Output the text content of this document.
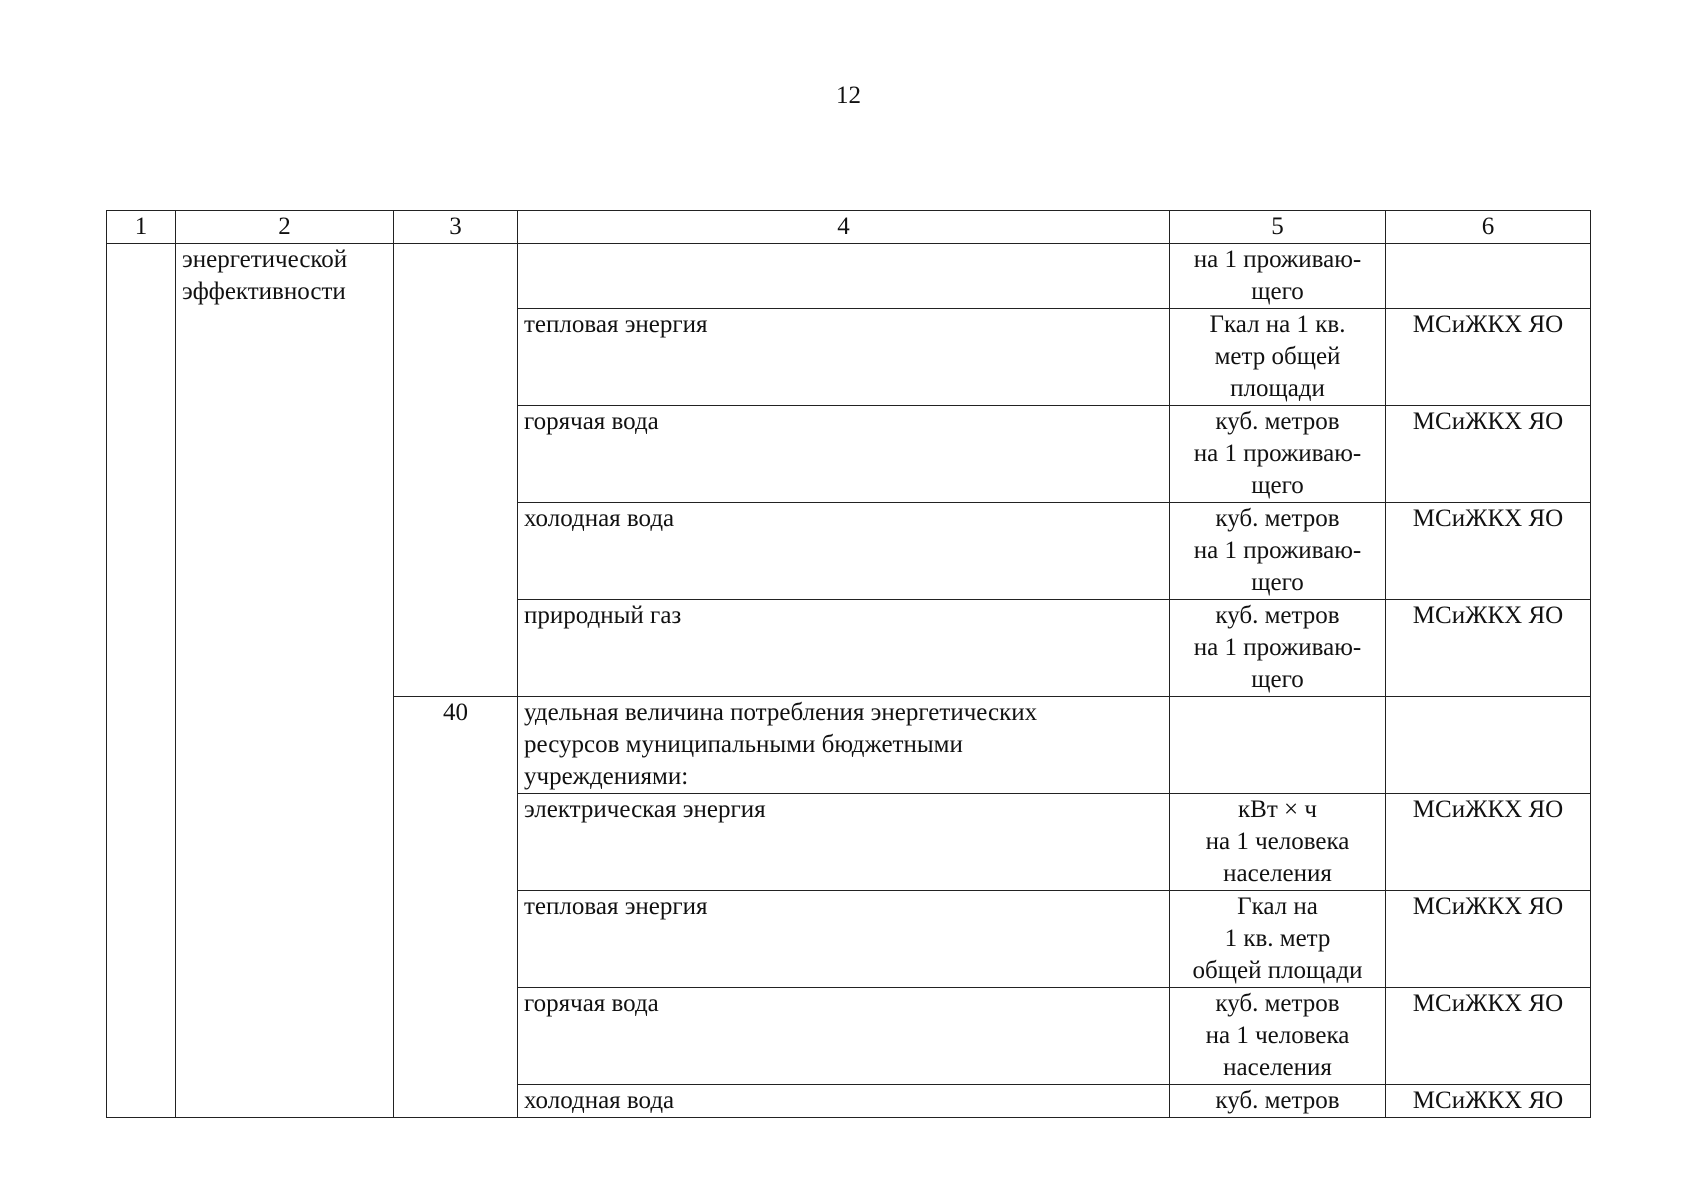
12
1	2	3	4	5	6

	энергетической
эффективности			на 1 проживаю-
щего	

			тепловая энергия	Гкал на 1 кв.
метр общей
площади	МСиЖКХ ЯО
			горячая вода	куб. метров
на 1 проживаю-
щего	МСиЖКХ ЯО
			холодная вода	куб. метров
на 1 проживаю-
щего	МСиЖКХ ЯО
			природный газ	куб. метров
на 1 проживаю-
щего	МСиЖКХ ЯО
		40	удельная величина потребления энергетических
ресурсов муниципальными бюджетными
учреждениями:		

			электрическая энергия	кВт × ч
на 1 человека
населения	МСиЖКХ ЯО
			тепловая энергия	Гкал на
1 кв. метр
общей площади	МСиЖКХ ЯО
			горячая вода	куб. метров
на 1 человека
населения	МСиЖКХ ЯО
			холодная вода	куб. метров	МСиЖКХ ЯО
